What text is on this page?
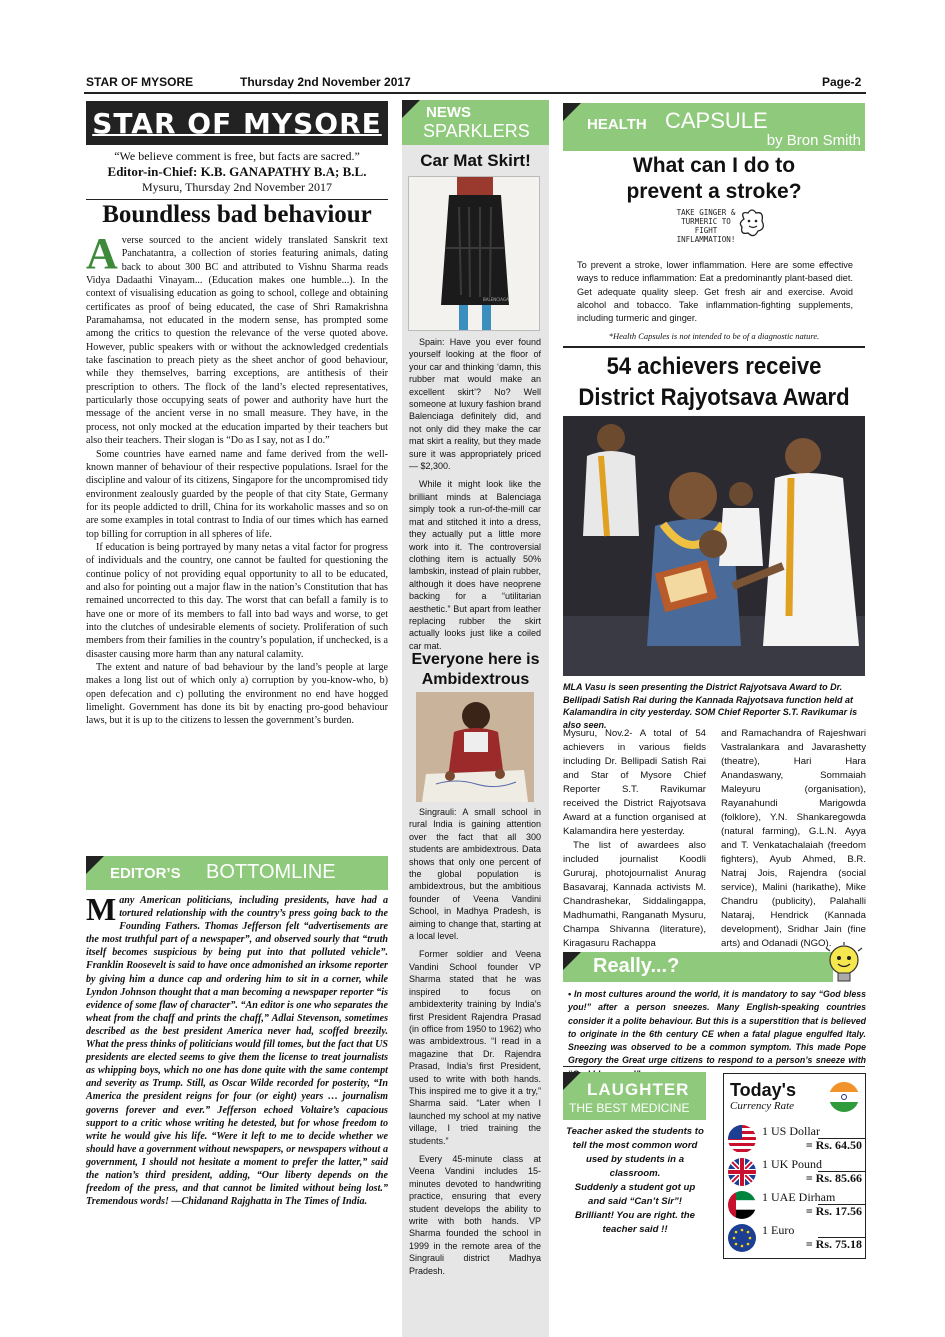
STAR OF MYSORE	Thursday 2nd November 2017	Page-2
STAR OF MYSORE
“We believe comment is free, but facts are sacred.”
Editor-in-Chief: K.B. GANAPATHY B.A; B.L.
Mysuru, Thursday 2nd November 2017
Boundless bad behaviour

Averse sourced to the ancient widely translated Sanskrit text Panchatantra, a collection of stories featuring animals, dating back to about 300 BC and attributed to Vishnu Sharma reads Vidya Dadaathi Vinayam... (Education makes one humble...). In the context of visualising education as going to school, college and obtaining certificates as proof of being educated, the case of Shri Ramakrishna Paramahamsa, not educated in the modern sense, has prompted some among the critics to question the relevance of the verse quoted above. However, public speakers with or without the acknowledged credentials take fascination to preach piety as the sheet anchor of good behaviour, while they themselves, barring exceptions, are antithesis of their prescription to others. The flock of the land’s elected representatives, particularly those occupying seats of power and authority have hurt the message of the ancient verse in no small measure. They have, in the process, not only mocked at the education imparted by their teachers but also their teachers. Their slogan is “Do as I say, not as I do.”

Some countries have earned name and fame derived from the well-known manner of behaviour of their respective populations. Israel for the discipline and valour of its citizens, Singapore for the uncompromised tidy environment zealously guarded by the people of that city State, Germany for its people addicted to drill, China for its workaholic masses and so on are some examples in total contrast to India of our times which has earned top billing for corruption in all spheres of life.

If education is being portrayed by many netas a vital factor for progress of individuals and the country, one cannot be faulted for questioning the continue policy of not providing equal opportunity to all to be educated, and also for pointing out a major flaw in the nation’s Constitution that has remained uncorrected to this day. The worst that can befall a family is to have one or more of its members to fall into bad ways and worse, to get into the clutches of undesirable elements of society. Proliferation of such members from their families in the country’s population, if unchecked, is a disaster causing more harm than any natural calamity.

The extent and nature of bad behaviour by the land’s people at large makes a long list out of which only a) corruption by you-know-who, b) open defecation and c) polluting the environment no end have hogged limelight. Government has done its bit by enacting pro-good behaviour laws, but it is up to the citizens to lessen the government’s burden.

EDITOR’S BOTTOMLINE
Many American politicians, including presidents, have had a tortured relationship with the country’s press going back to the Founding Fathers. Thomas Jefferson felt “advertisements are the most truthful part of a newspaper”, and observed sourly that “truth itself becomes suspicious by being put into that polluted vehicle”. Franklin Roosevelt is said to have once admonished an irksome reporter by giving him a dunce cap and ordering him to sit in a corner, while Lyndon Johnson thought that a man becoming a newspaper reporter “is evidence of some flaw of character”. “An editor is one who separates the wheat from the chaff and prints the chaff,” Adlai Stevenson, sometimes described as the best president America never had, scoffed breezily. What the press thinks of politicians would fill tomes, but the fact that US presidents are elected seems to give them the license to treat journalists as whipping boys, which no one has done quite with the same contempt and severity as Trump. Still, as Oscar Wilde recorded for posterity, “In America the president reigns for four (or eight) years … journalism governs forever and ever.” Jefferson echoed Voltaire’s capacious support to a critic whose writing he detested, but for whose freedom to write he would give his life. “Were it left to me to decide whether we should have a government without newspapers, or newspapers without a government, I should not hesitate a moment to prefer the latter,” said the nation’s third president, adding, “Our liberty depends on the freedom of the press, and that cannot be limited without being lost.” Tremendous words! —Chidanand Rajghatta in The Times of India.
NEWS
SPARKLERS
Car Mat Skirt!
BALENCIAGA

Spain: Have you ever found yourself looking at the floor of your car and thinking ‘damn, this rubber mat would make an excellent skirt’? No? Well someone at luxury fashion brand Balenciaga definitely did, and not only did they make the car mat skirt a reality, but they made sure it was appropriately priced — $2,300.

While it might look like the brilliant minds at Balenciaga simply took a run-of-the-mill car mat and stitched it into a dress, they actually put a little more work into it. The controversial clothing item is actually 50% lambskin, instead of plain rubber, although it does have neoprene backing for a “utilitarian aesthetic.” But apart from leather replacing rubber the skirt actually looks just like a coiled car mat.

Everyone here is Ambidextrous

Singrauli: A small school in rural India is gaining attention over the fact that all 300 students are ambidextrous. Data shows that only one percent of the global population is ambidextrous, but the ambitious founder of Veena Vandini School, in Madhya Pradesh, is aiming to change that, starting at a local level.

Former soldier and Veena Vandini School founder VP Sharma stated that he was inspired to focus on ambidexterity training by India’s first President Rajendra Prasad (in office from 1950 to 1962) who was ambidextrous. “I read in a magazine that Dr. Rajendra Prasad, India’s first President, used to write with both hands. This inspired me to give it a try,” Sharma said. “Later when I launched my school at my native village, I tried training the students.”

Every 45-minute class at Veena Vandini includes 15-minutes devoted to handwriting practice, ensuring that every student develops the ability to write with both hands. VP Sharma founded the school in 1999 in the remote area of the Singrauli district Madhya Pradesh.

HEALTH CAPSULE
by Bron Smith
What can I do to prevent a stroke?
TAKE GINGER & TURMERIC TO FIGHT INFLAMMATION!
To prevent a stroke, lower inflammation. Here are some effective ways to reduce inflammation: Eat a predominantly plant-based diet. Get adequate quality sleep. Get fresh air and exercise. Avoid alcohol and tobacco. Take inflammation-fighting supplements, including turmeric and ginger.
*Health Capsules is not intended to be of a diagnostic nature.
54 achievers receive District Rajyotsava Award
MLA Vasu is seen presenting the District Rajyotsava Award to Dr. Bellipadi Satish Rai during the Kannada Rajyotsava function held at Kalamandira in city yesterday. SOM Chief Reporter S.T. Ravikumar is also seen.

Mysuru, Nov.2- A total of 54 achievers in various fields including Dr. Bellipadi Satish Rai and Star of Mysore Chief Reporter S.T. Ravikumar received the District Rajyotsava Award at a function organised at Kalamandira here yesterday.

The list of awardees also included journalist Koodli Gururaj, photojournalist Anurag Basavaraj, Kannada activists M. Chandrashekar, Siddalingappa, Madhumathi, Ranganath Mysuru, Champa Shivanna (literature), Kiragasuru Rachappa

and Ramachandra of Rajeshwari Vastralankara and Javarashetty (theatre), Hari Hara Anandaswany, Sommaiah Maleyuru (organisation), Rayanahundi Marigowda (folklore), Y.N. Shankaregowda (natural farming), G.L.N. Ayya and T. Venkatachalaiah (freedom fighters), Ayub Ahmed, B.R. Natraj Jois, Rajendra (social service), Malini (harikathe), Mike Chandru (publicity), Palahalli Nataraj, Hendrick (Kannada development), Sridhar Jain (fine arts) and Odanadi (NGO).
Really...?
• In most cultures around the world, it is mandatory to say “God bless you!” after a person sneezes. Many English-speaking countries consider it a polite behaviour. But this is a superstition that is believed to originate in the 6th century CE when a fatal plague engulfed Italy. Sneezing was observed to be a common symptom. This made Pope Gregory the Great urge citizens to respond to a person’s sneeze with
LAUGHTER
THE BEST MEDICINE

Teacher asked the students to tell the most common word used by students in a classroom.

Suddenly a student got up and said “Can’t Sir”!

Brilliant! You are right. the teacher said !!

Today's
Currency Rate
1 US Dollar
= Rs. 64.50
1 UK Pound
= Rs. 85.66
1 UAE Dirham
= Rs. 17.56
1 Euro
= Rs. 75.18
